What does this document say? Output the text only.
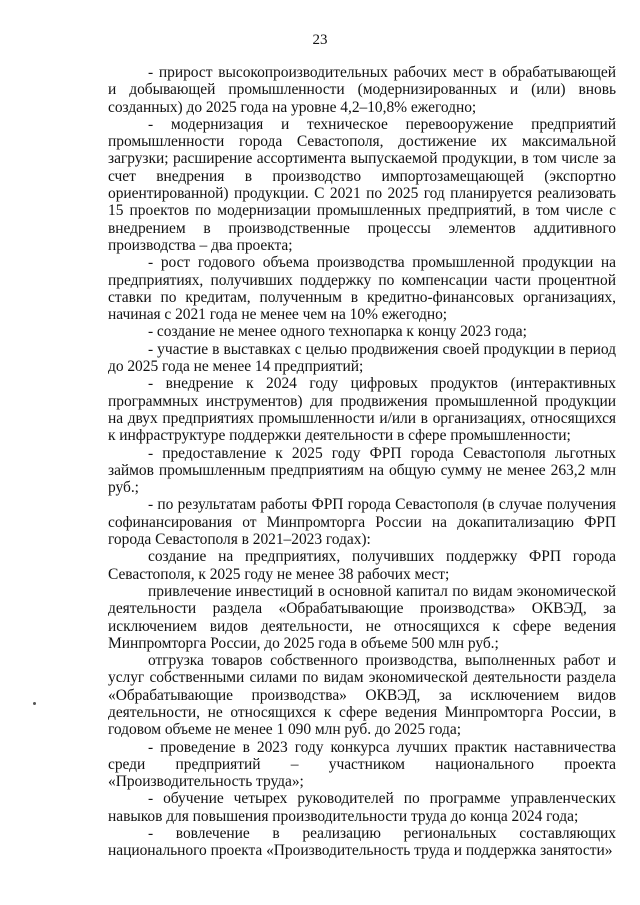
23

- прирост высокопроизводительных рабочих мест в обрабатывающей и добывающей промышленности (модернизированных и (или) вновь созданных) до 2025 года на уровне 4,2–10,8% ежегодно;

- модернизация и техническое перевооружение предприятий промышленности города Севастополя, достижение их максимальной загрузки; расширение ассортимента выпускаемой продукции, в том числе за счет внедрения в производство импортозамещающей (экспортно ориентированной) продукции. С 2021 по 2025 год планируется реализовать 15 проектов по модернизации промышленных предприятий, в том числе с внедрением в производственные процессы элементов аддитивного производства – два проекта;

- рост годового объема производства промышленной продукции на предприятиях, получивших поддержку по компенсации части процентной ставки по кредитам, полученным в кредитно-финансовых организациях, начиная с 2021 года не менее чем на 10% ежегодно;

- создание не менее одного технопарка к концу 2023 года;

- участие в выставках с целью продвижения своей продукции в период до 2025 года не менее 14 предприятий;

- внедрение к 2024 году цифровых продуктов (интерактивных программных инструментов) для продвижения промышленной продукции на двух предприятиях промышленности и/или в организациях, относящихся к инфраструктуре поддержки деятельности в сфере промышленности;

- предоставление к 2025 году ФРП города Севастополя льготных займов промышленным предприятиям на общую сумму не менее 263,2 млн руб.;

- по результатам работы ФРП города Севастополя (в случае получения софинансирования от Минпромторга России на докапитализацию ФРП города Севастополя в 2021–2023 годах):

создание на предприятиях, получивших поддержку ФРП города Севастополя, к 2025 году не менее 38 рабочих мест;

привлечение инвестиций в основной капитал по видам экономической деятельности раздела «Обрабатывающие производства» ОКВЭД, за исключением видов деятельности, не относящихся к сфере ведения Минпромторга России, до 2025 года в объеме 500 млн руб.;

отгрузка товаров собственного производства, выполненных работ и услуг собственными силами по видам экономической деятельности раздела «Обрабатывающие производства» ОКВЭД, за исключением видов деятельности, не относящихся к сфере ведения Минпромторга России, в годовом объеме не менее 1 090 млн руб. до 2025 года;

- проведение в 2023 году конкурса лучших практик наставничества среди предприятий – участником национального проекта «Производительность труда»;

- обучение четырех руководителей по программе управленческих навыков для повышения производительности труда до конца 2024 года;

- вовлечение в реализацию региональных составляющих национального проекта «Производительность труда и поддержка занятости»
